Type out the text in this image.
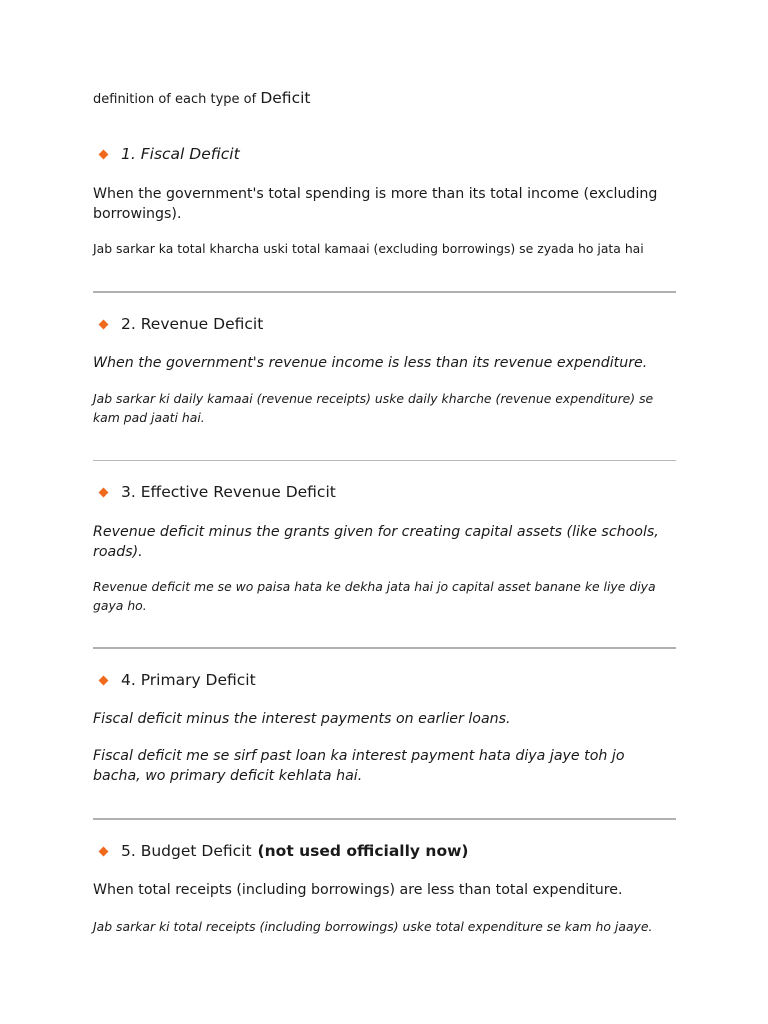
definition of each type of Deficit
1. Fiscal Deficit
When the government's total spending is more than its total income (excluding borrowings).
Jab sarkar ka total kharcha uski total kamaai (excluding borrowings) se zyada ho jata hai
2. Revenue Deficit
When the government's revenue income is less than its revenue expenditure.
Jab sarkar ki daily kamaai (revenue receipts) uske daily kharche (revenue expenditure) se kam pad jaati hai.
3. Effective Revenue Deficit
Revenue deficit minus the grants given for creating capital assets (like schools, roads).
Revenue deficit me se wo paisa hata ke dekha jata hai jo capital asset banane ke liye diya gaya ho.
4. Primary Deficit
Fiscal deficit minus the interest payments on earlier loans.
Fiscal deficit me se sirf past loan ka interest payment hata diya jaye toh jo bacha, wo primary deficit kehlata hai.
5. Budget Deficit (not used officially now)
When total receipts (including borrowings) are less than total expenditure.
Jab sarkar ki total receipts (including borrowings) uske total expenditure se kam ho jaaye.
